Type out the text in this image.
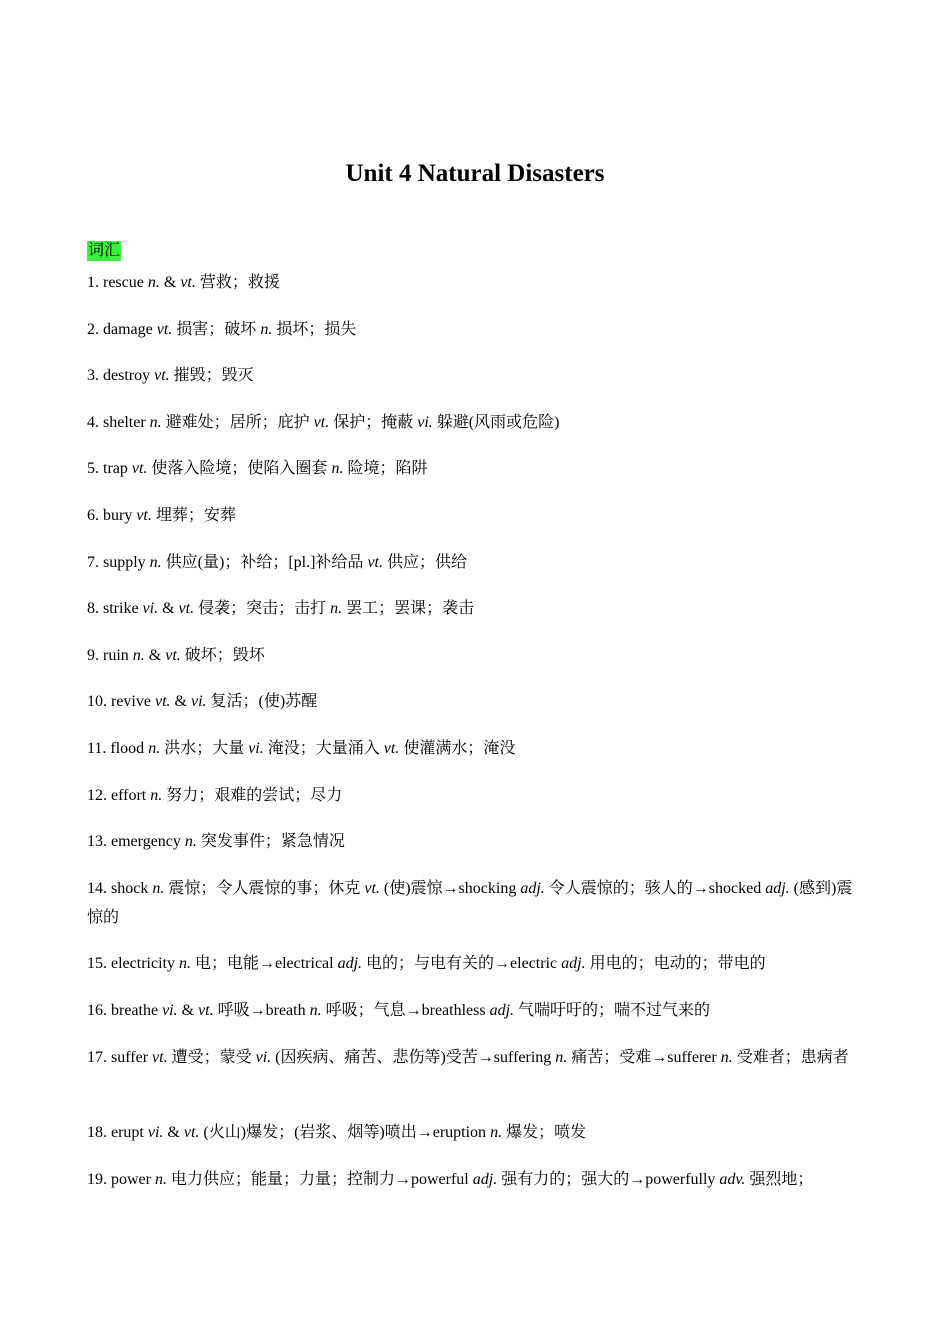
Unit 4 Natural Disasters
词汇
1. rescue n. & vt. 营救；救援
2. damage vt. 损害；破坏 n. 损坏；损失
3. destroy vt. 摧毁；毁灭
4. shelter n. 避难处；居所；庇护 vt. 保护；掩蔽 vi. 躲避(风雨或危险)
5. trap vt. 使落入险境；使陷入圈套 n. 险境；陷阱
6. bury vt. 埋葬；安葬
7. supply n. 供应(量)；补给；[pl.]补给品 vt. 供应；供给
8. strike vi. & vt. 侵袭；突击；击打 n. 罢工；罢课；袭击
9. ruin n. & vt. 破坏；毁坏
10. revive vt. & vi. 复活；(使)苏醒
11. flood n. 洪水；大量 vi. 淹没；大量涌入 vt. 使灌满水；淹没
12. effort n. 努力；艰难的尝试；尽力
13. emergency n. 突发事件；紧急情况
14. shock n. 震惊；令人震惊的事；休克 vt. (使)震惊→shocking adj. 令人震惊的；骇人的→shocked adj. (感到)震惊的
15. electricity n. 电；电能→electrical adj. 电的；与电有关的→electric adj. 用电的；电动的；带电的
16. breathe vi. & vt. 呼吸→breath n. 呼吸；气息→breathless adj. 气喘吁吁的；喘不过气来的
17. suffer vt. 遭受；蒙受 vi. (因疾病、痛苦、悲伤等)受苦→suffering n. 痛苦；受难→sufferer n. 受难者；患病者
18. erupt vi. & vt. (火山)爆发；(岩浆、烟等)喷出→eruption n. 爆发；喷发
19. power n. 电力供应；能量；力量；控制力→powerful adj. 强有力的；强大的→powerfully adv. 强烈地；
